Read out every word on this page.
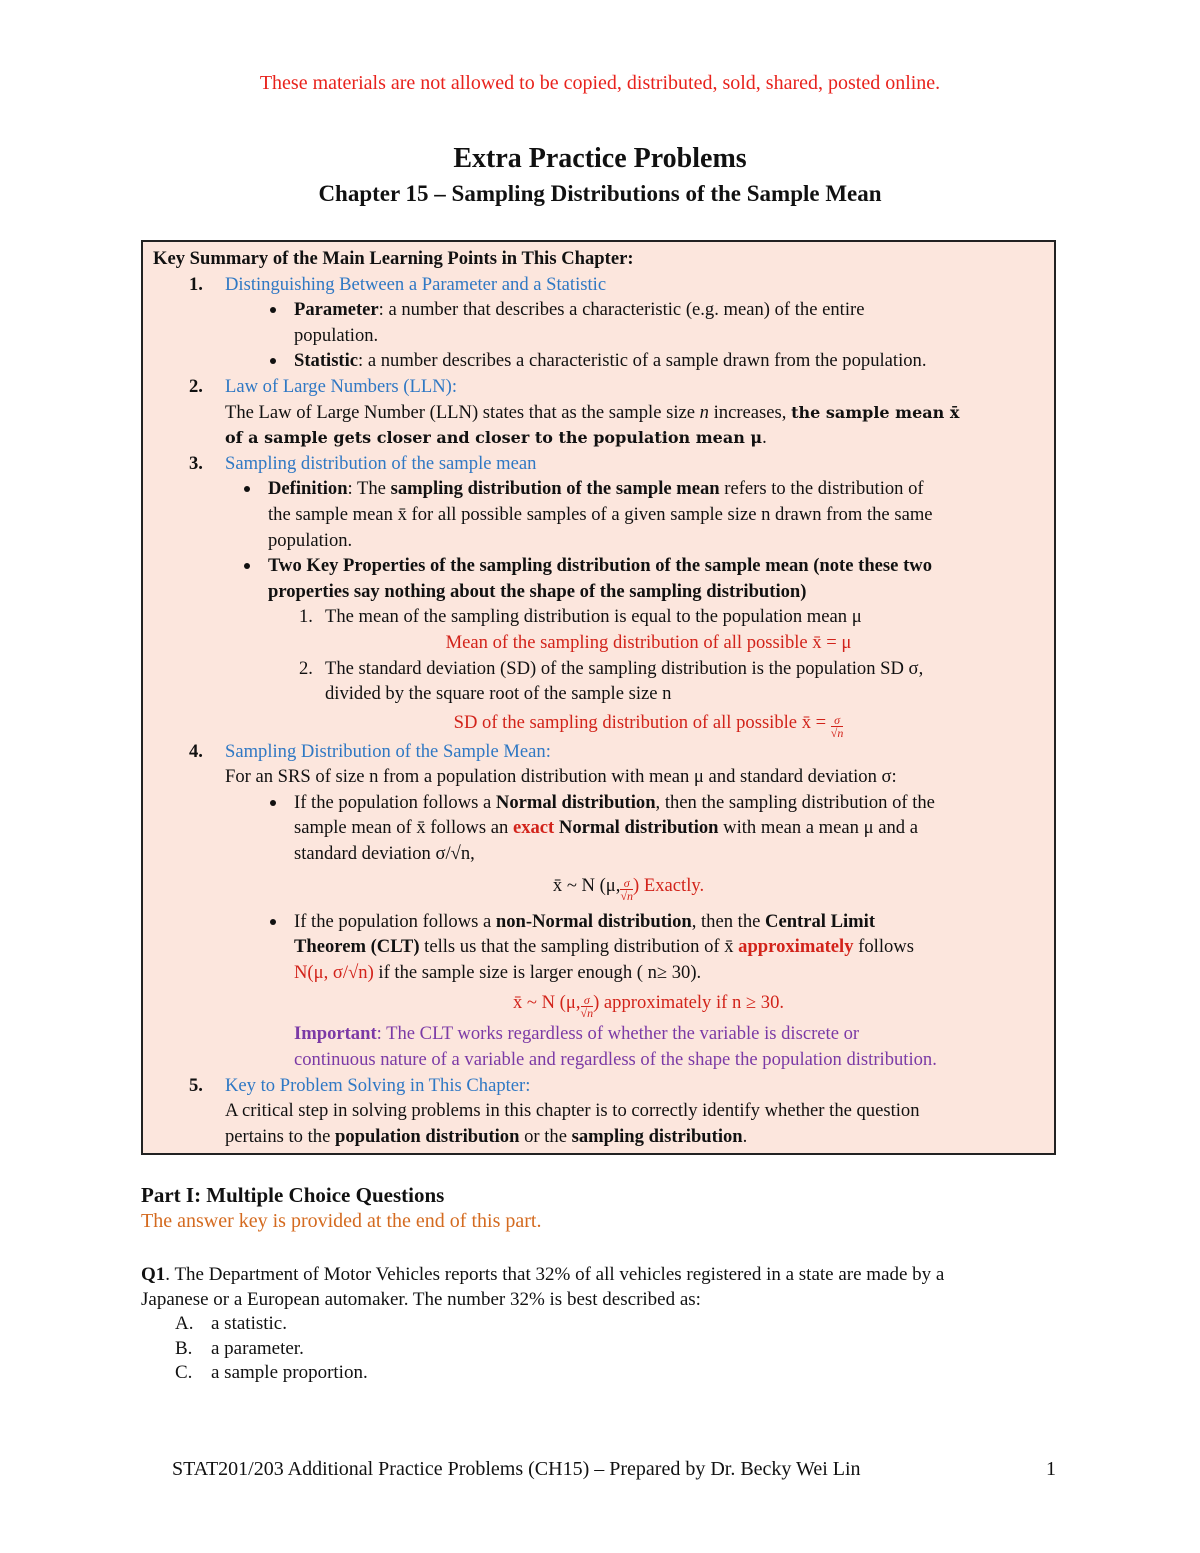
These materials are not allowed to be copied, distributed, sold, shared, posted online.
Extra Practice Problems
Chapter 15 – Sampling Distributions of the Sample Mean
Key Summary of the Main Learning Points in This Chapter:
1. Distinguishing Between a Parameter and a Statistic
Parameter: a number that describes a characteristic (e.g. mean) of the entire
population.
Statistic: a number describes a characteristic of a sample drawn from the population.
2. Law of Large Numbers (LLN):
The Law of Large Number (LLN) states that as the sample size n increases, the sample mean x̄
of a sample gets closer and closer to the population mean μ.
3. Sampling distribution of the sample mean
Definition: The sampling distribution of the sample mean refers to the distribution of
the sample mean x̄ for all possible samples of a given sample size n drawn from the same
population.
Two Key Properties of the sampling distribution of the sample mean (note these two
properties say nothing about the shape of the sampling distribution)
1. The mean of the sampling distribution is equal to the population mean μ
Mean of the sampling distribution of all possible x̄ = μ
2. The standard deviation (SD) of the sampling distribution is the population SD σ,
divided by the square root of the sample size n
SD of the sampling distribution of all possible x̄ = $\frac{\sigma}{√n}$
4. Sampling Distribution of the Sample Mean:
For an SRS of size n from a population distribution with mean μ and standard deviation σ:
If the population follows a Normal distribution, then the sampling distribution of the
sample mean of x̄ follows an exact Normal distribution with mean a mean μ and a
standard deviation σ/√n,
x̄ ~ N (μ, $\frac{\sigma}{√n}$ ) Exactly.
If the population follows a non-Normal distribution, then the Central Limit
Theorem (CLT) tells us that the sampling distribution of x̄ approximately follows
N(μ, σ/√n) if the sample size is larger enough ( n≥ 30).
x̄ ~ N (μ, $\frac{\sigma}{√n}$ ) approximately if n ≥ 30.
Important: The CLT works regardless of whether the variable is discrete or
continuous nature of a variable and regardless of the shape the population distribution.
5. Key to Problem Solving in This Chapter:
A critical step in solving problems in this chapter is to correctly identify whether the question
pertains to the population distribution or the sampling distribution.
Part I: Multiple Choice Questions
The answer key is provided at the end of this part.
Q1. The Department of Motor Vehicles reports that 32% of all vehicles registered in a state are made by a
Japanese or a European automaker. The number 32% is best described as:
A. a statistic.
B. a parameter.
C. a sample proportion.
STAT201/203 Additional Practice Problems (CH15) – Prepared by Dr. Becky Wei Lin	1
